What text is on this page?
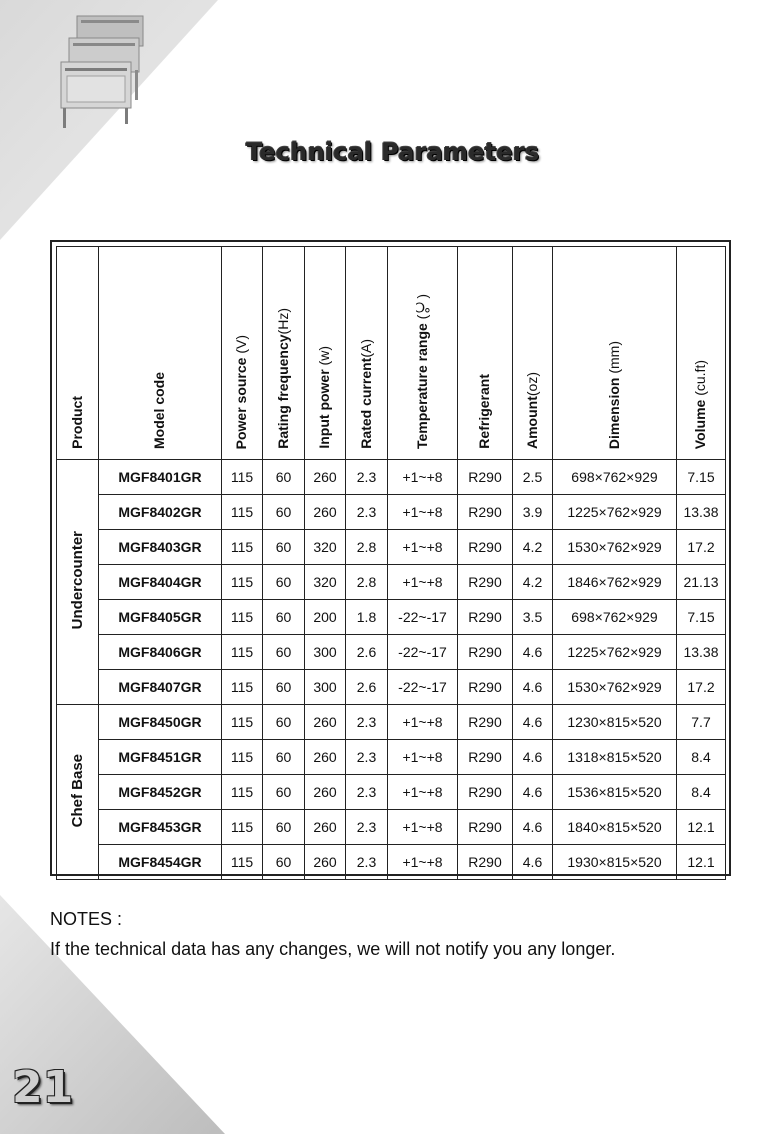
Technical Parameters
Product	Model code	Power source (V)	Rating frequency(Hz)	Input power (w)	Rated current(A)	Temperature range (℃)	Refrigerant	Amount(oz)	Dimension (mm)	Volume (cu.ft)

Undercounter	MGF8401GR	115	60	260	2.3	+1~+8	R290	2.5	698×762×929	7.15
	MGF8402GR	115	60	260	2.3	+1~+8	R290	3.9	1225×762×929	13.38
	MGF8403GR	115	60	320	2.8	+1~+8	R290	4.2	1530×762×929	17.2
	MGF8404GR	115	60	320	2.8	+1~+8	R290	4.2	1846×762×929	21.13
	MGF8405GR	115	60	200	1.8	-22~-17	R290	3.5	698×762×929	7.15
	MGF8406GR	115	60	300	2.6	-22~-17	R290	4.6	1225×762×929	13.38
	MGF8407GR	115	60	300	2.6	-22~-17	R290	4.6	1530×762×929	17.2
Chef Base	MGF8450GR	115	60	260	2.3	+1~+8	R290	4.6	1230×815×520	7.7
	MGF8451GR	115	60	260	2.3	+1~+8	R290	4.6	1318×815×520	8.4
	MGF8452GR	115	60	260	2.3	+1~+8	R290	4.6	1536×815×520	8.4
	MGF8453GR	115	60	260	2.3	+1~+8	R290	4.6	1840×815×520	12.1
	MGF8454GR	115	60	260	2.3	+1~+8	R290	4.6	1930×815×520	12.1
NOTES :
If the technical data has any changes, we will not notify you any longer.
21
